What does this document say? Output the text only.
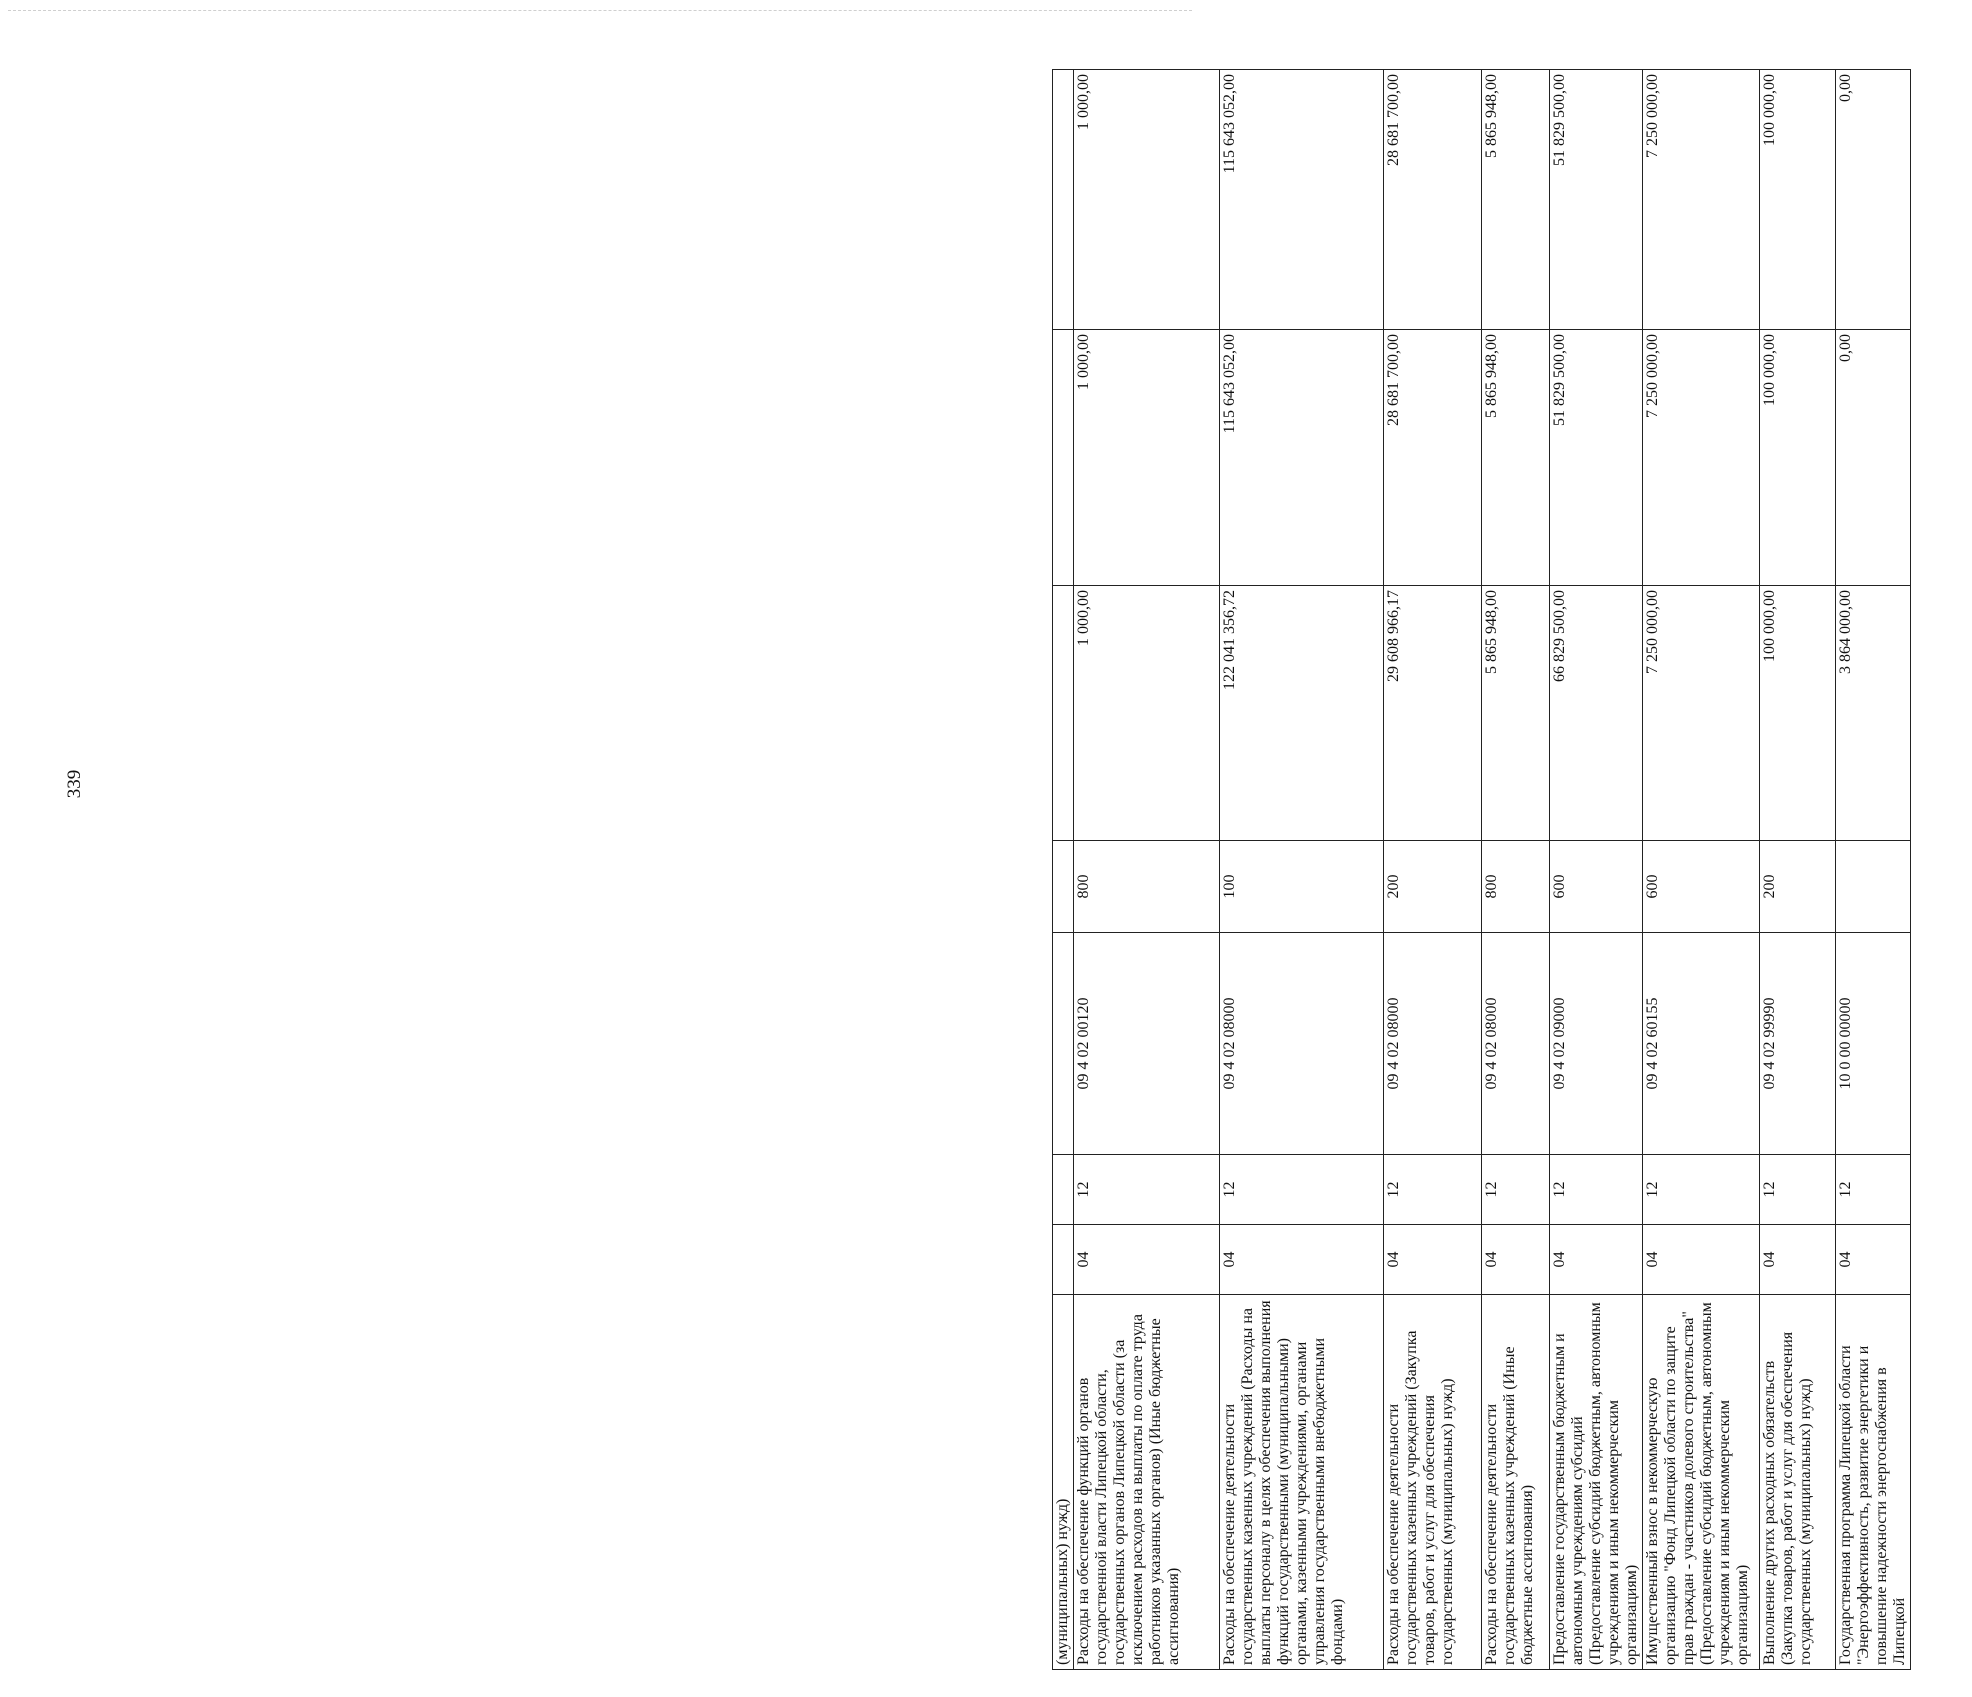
339
(муниципальных) нужд)							
Расходы на обеспечение функций органов государственной власти Липецкой области, государственных органов Липецкой области (за исключением расходов на выплаты по оплате труда работников указанных органов) (Иные бюджетные ассигнования)	04	12	09 4 02 00120	800	1 000,00	1 000,00	1 000,00
Расходы на обеспечение деятельности государственных казенных учреждений (Расходы на выплаты персоналу в целях обеспечения выполнения функций государственными (муниципальными) органами, казенными учреждениями, органами управления государственными внебюджетными фондами)	04	12	09 4 02 08000	100	122 041 356,72	115 643 052,00	115 643 052,00
Расходы на обеспечение деятельности государственных казенных учреждений (Закупка товаров, работ и услуг для обеспечения государственных (муниципальных) нужд)	04	12	09 4 02 08000	200	29 608 966,17	28 681 700,00	28 681 700,00
Расходы на обеспечение деятельности государственных казенных учреждений (Иные бюджетные ассигнования)	04	12	09 4 02 08000	800	5 865 948,00	5 865 948,00	5 865 948,00
Предоставление государственным бюджетным и автономным учреждениям субсидий (Предоставление субсидий бюджетным, автономным учреждениям и иным некоммерческим организациям)	04	12	09 4 02 09000	600	66 829 500,00	51 829 500,00	51 829 500,00
Имущественный взнос в некоммерческую организацию "Фонд Липецкой области по защите прав граждан - участников долевого строительства" (Предоставление субсидий бюджетным, автономным учреждениям и иным некоммерческим организациям)	04	12	09 4 02 60155	600	7 250 000,00	7 250 000,00	7 250 000,00
Выполнение других расходных обязательств (Закупка товаров, работ и услуг для обеспечения государственных (муниципальных) нужд)	04	12	09 4 02 99990	200	100 000,00	100 000,00	100 000,00
Государственная программа Липецкой области "Энергоэффективность, развитие энергетики и повышение надежности энергоснабжения в Липецкой	04	12	10 0 00 00000		3 864 000,00	0,00	0,00
